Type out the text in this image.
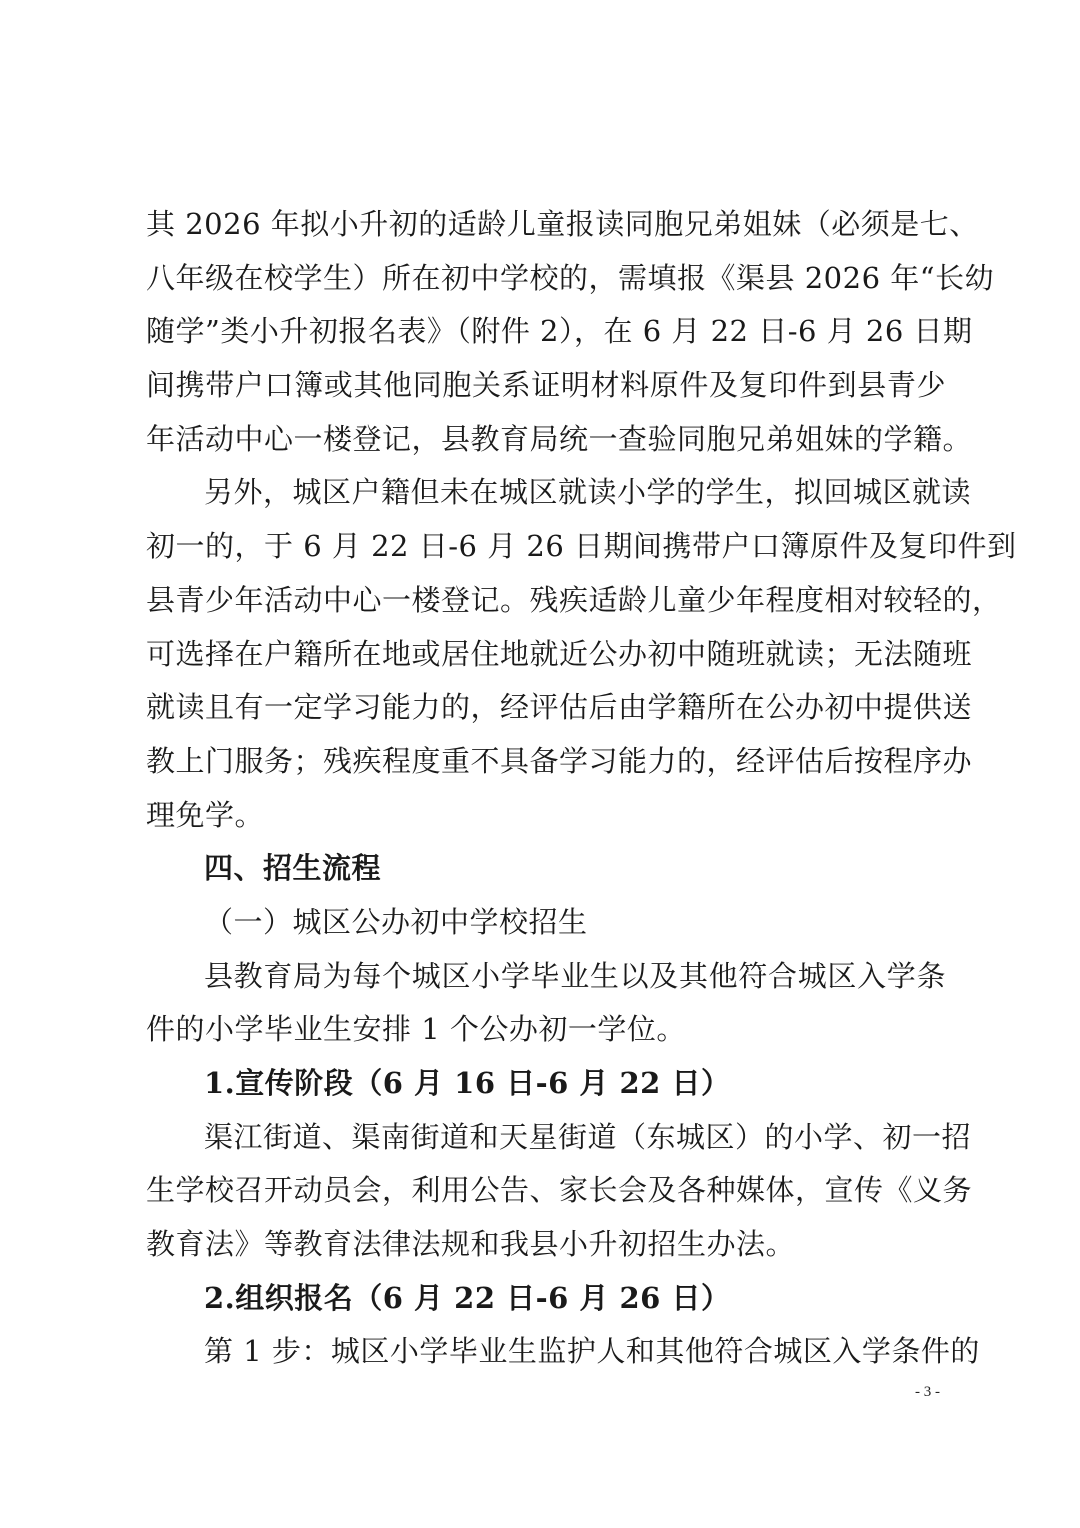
其 2026 年拟小升初的适龄儿童报读同胞兄弟姐妹（必须是七、
八年级在校学生）所在初中学校的，需填报《渠县 2026 年“长幼
随学”类小升初报名表》（附件 2），在 6 月 22 日-6 月 26 日期
间携带户口簿或其他同胞关系证明材料原件及复印件到县青少
年活动中心一楼登记，县教育局统一查验同胞兄弟姐妹的学籍。
另外，城区户籍但未在城区就读小学的学生，拟回城区就读
初一的，于 6 月 22 日-6 月 26 日期间携带户口簿原件及复印件到
县青少年活动中心一楼登记。残疾适龄儿童少年程度相对较轻的，
可选择在户籍所在地或居住地就近公办初中随班就读；无法随班
就读且有一定学习能力的，经评估后由学籍所在公办初中提供送
教上门服务；残疾程度重不具备学习能力的，经评估后按程序办
理免学。
四、招生流程
（一）城区公办初中学校招生
县教育局为每个城区小学毕业生以及其他符合城区入学条
件的小学毕业生安排 1 个公办初一学位。
1.宣传阶段（6 月 16 日-6 月 22 日）
渠江街道、渠南街道和天星街道（东城区）的小学、初一招
生学校召开动员会，利用公告、家长会及各种媒体，宣传《义务
教育法》等教育法律法规和我县小升初招生办法。
2.组织报名（6 月 22 日-6 月 26 日）
第 1 步：城区小学毕业生监护人和其他符合城区入学条件的
- 3 -
